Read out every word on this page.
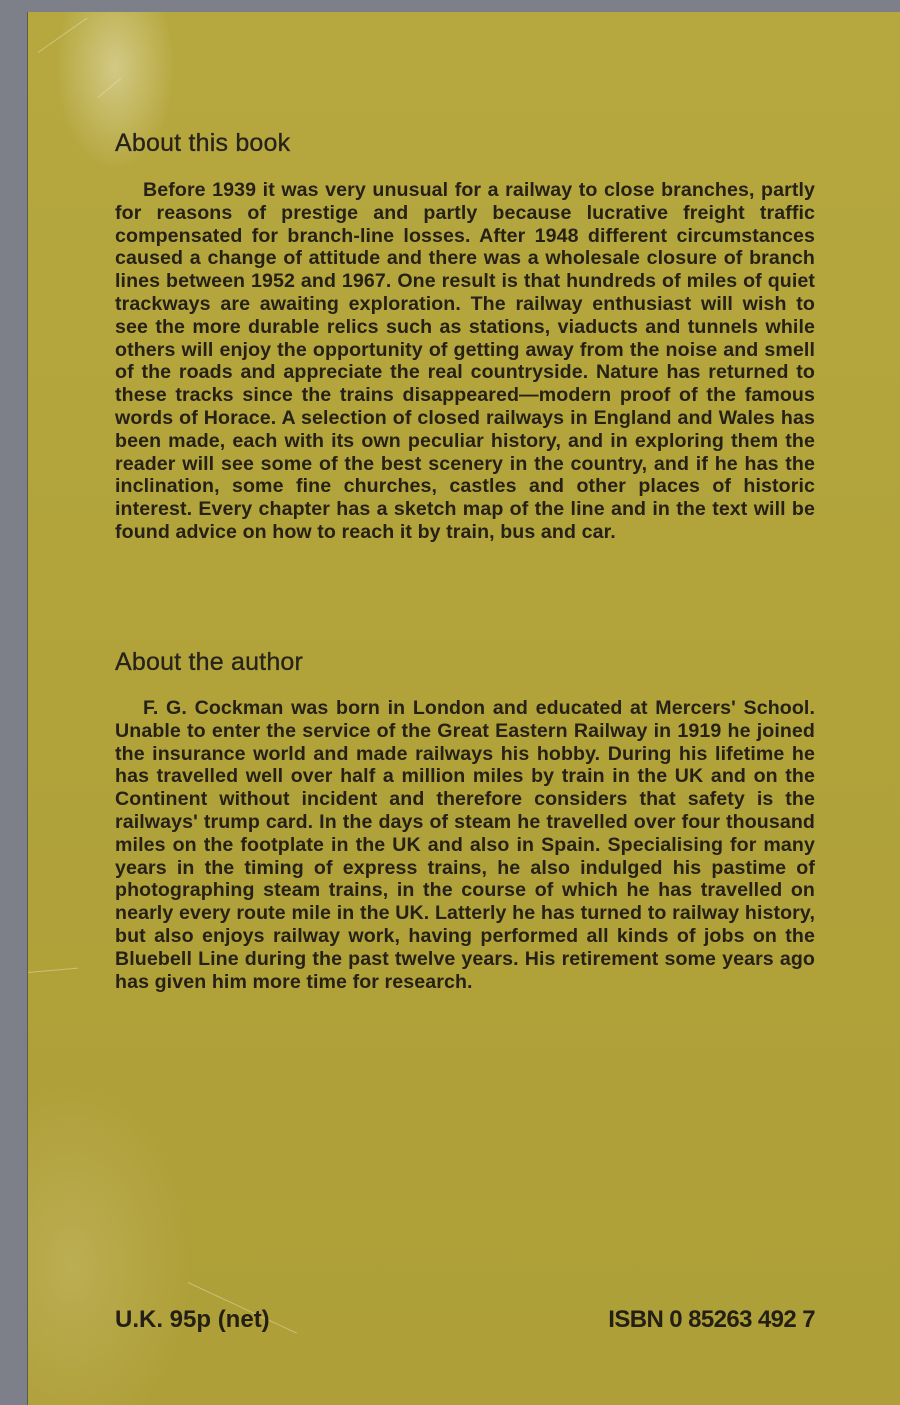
About this book

Before 1939 it was very unusual for a railway to close branches, partly for reasons of prestige and partly because lucrative freight traffic compensated for branch-line losses. After 1948 different circumstances caused a change of attitude and there was a wholesale closure of branch lines between 1952 and 1967. One result is that hundreds of miles of quiet trackways are awaiting exploration. The railway enthusiast will wish to see the more durable relics such as stations, viaducts and tunnels while others will enjoy the opportunity of getting away from the noise and smell of the roads and appreciate the real countryside. Nature has returned to these tracks since the trains disappeared—modern proof of the famous words of Horace. A selection of closed railways in England and Wales has been made, each with its own peculiar history, and in exploring them the reader will see some of the best scenery in the country, and if he has the inclination, some fine churches, castles and other places of historic interest. Every chapter has a sketch map of the line and in the text will be found advice on how to reach it by train, bus and car.

About the author

F. G. Cockman was born in London and educated at Mercers' School. Unable to enter the service of the Great Eastern Railway in 1919 he joined the insurance world and made railways his hobby. During his lifetime he has travelled well over half a million miles by train in the UK and on the Continent without incident and therefore considers that safety is the railways' trump card. In the days of steam he travelled over four thousand miles on the footplate in the UK and also in Spain. Specialising for many years in the timing of express trains, he also indulged his pastime of photographing steam trains, in the course of which he has travelled on nearly every route mile in the UK. Latterly he has turned to railway history, but also enjoys railway work, having performed all kinds of jobs on the Bluebell Line during the past twelve years. His retirement some years ago has given him more time for research.

U.K. 95p (net)	ISBN 0 85263 492 7
